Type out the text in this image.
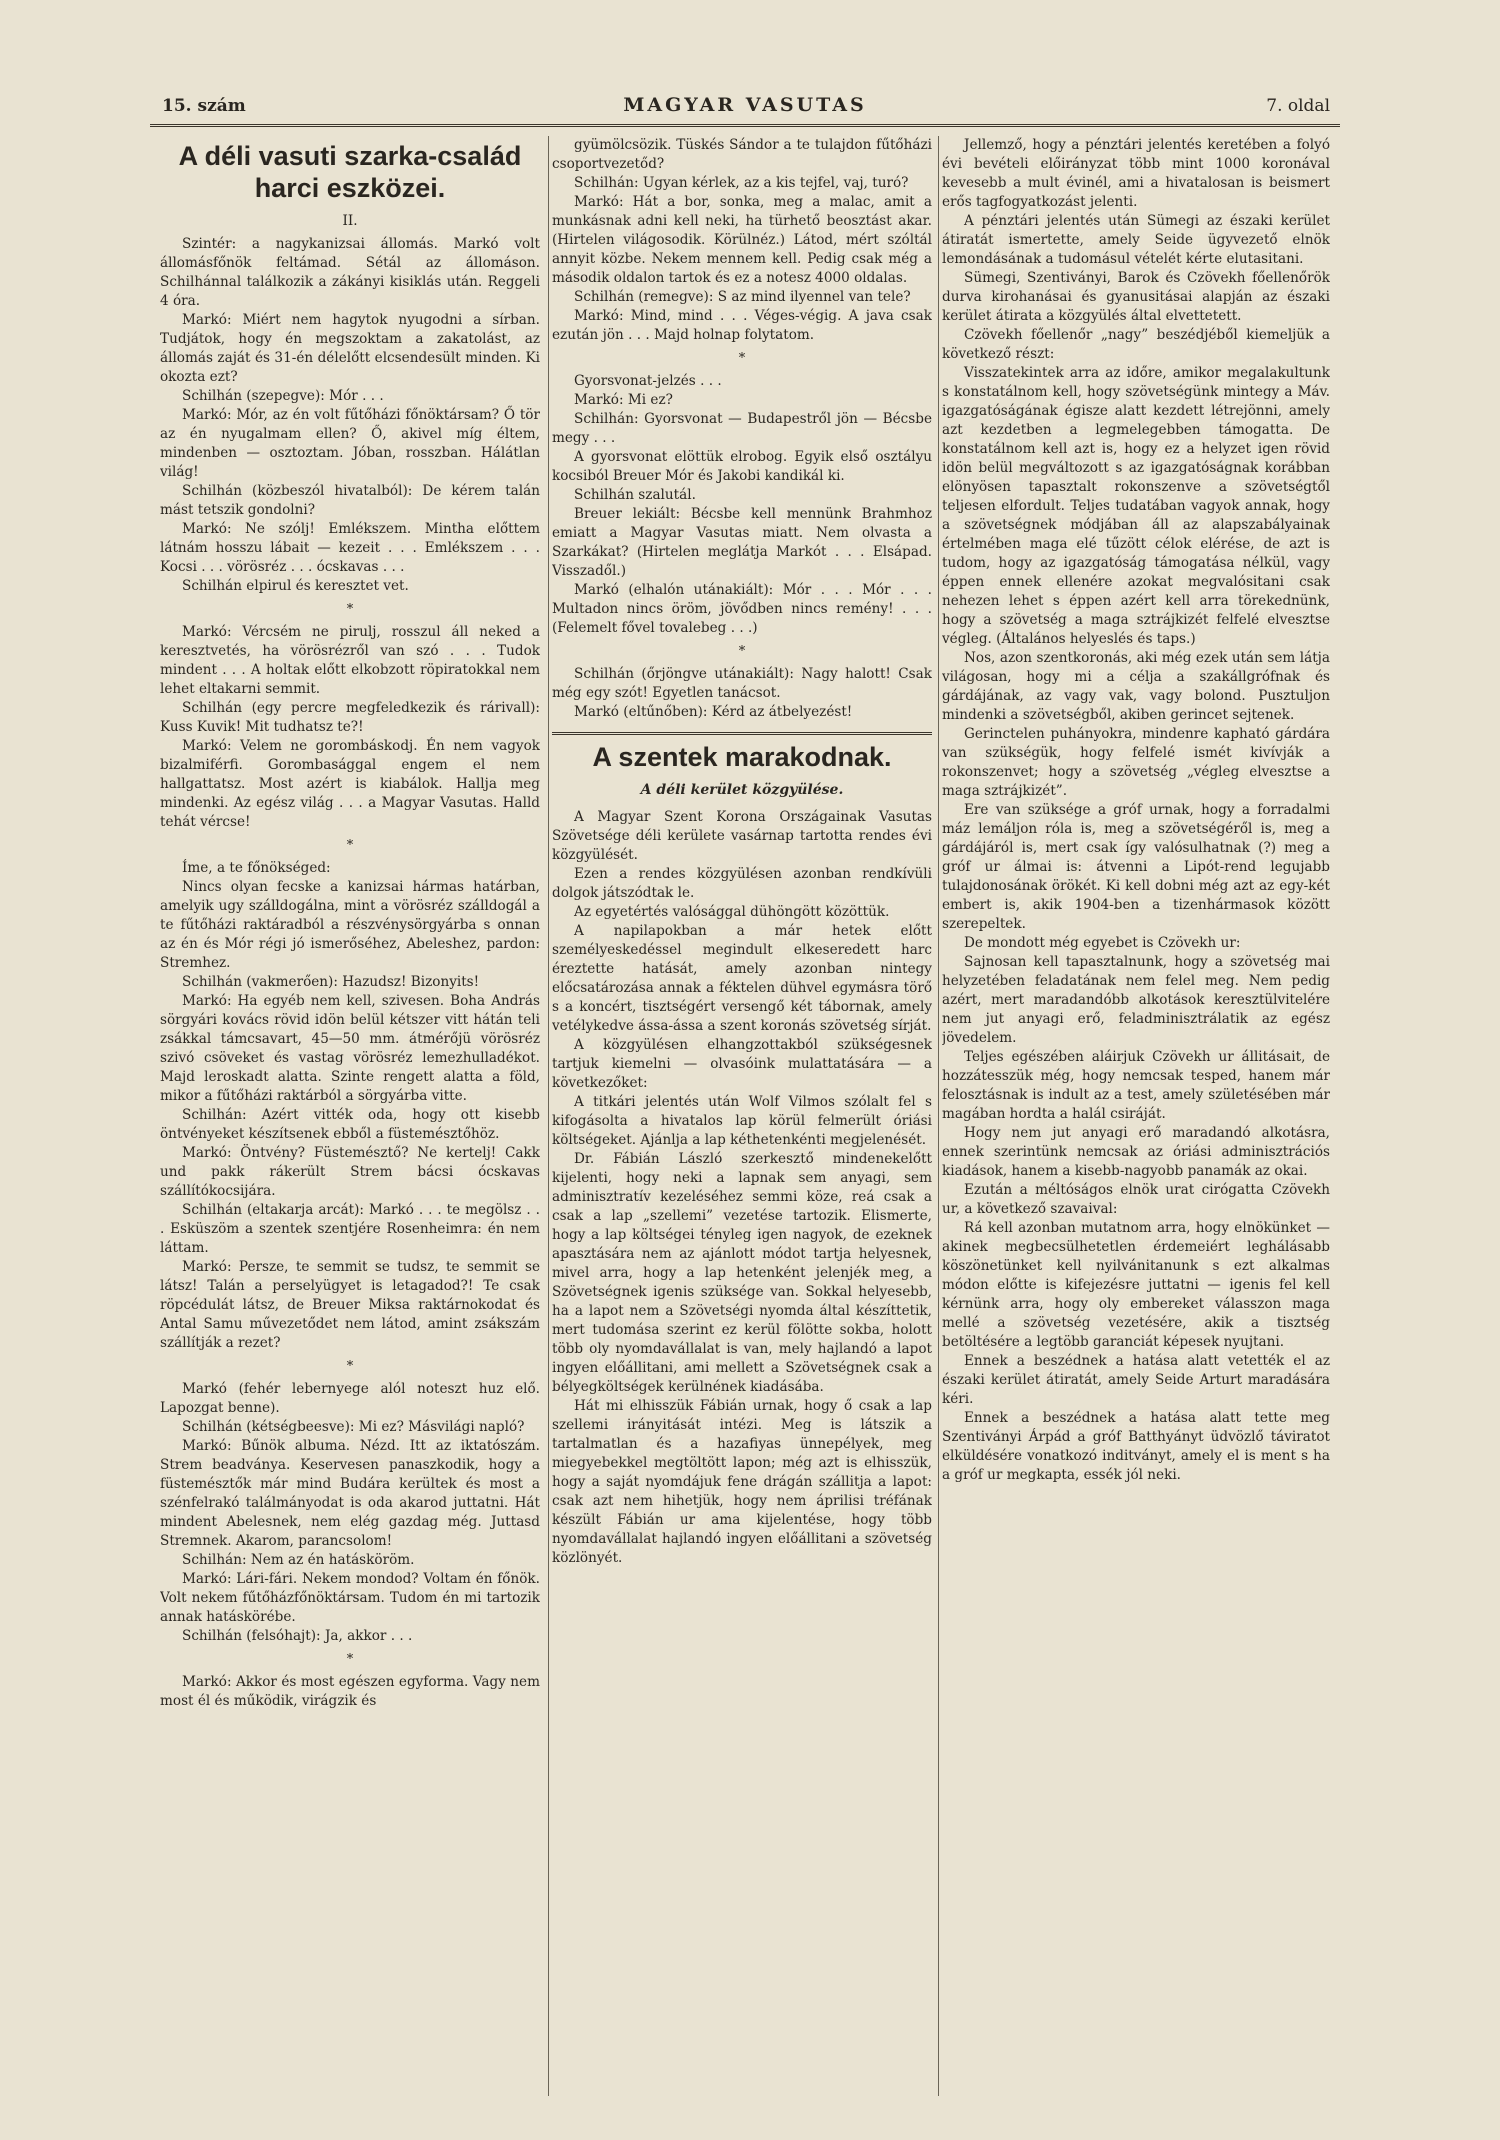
15. szám	MAGYAR VASUTAS	7. oldal
A déli vasuti szarka-család harci eszközei.

II.

Szintér: a nagykanizsai állomás. Markó volt állomásfőnök feltámad. Sétál az állomáson. Schilhánnal találkozik a zákányi kisiklás után. Reggeli 4 óra.

Markó: Miért nem hagytok nyugodni a sírban. Tudjátok, hogy én megszoktam a zakatolást, az állomás zaját és 31-én délelőtt elcsendesült minden. Ki okozta ezt?

Schilhán (szepegve): Mór . . .

Markó: Mór, az én volt fűtőházi főnöktársam? Ő tör az én nyugalmam ellen? Ő, akivel míg éltem, mindenben — osztoztam. Jóban, rosszban. Hálátlan világ!

Schilhán (közbeszól hivatalból): De kérem talán mást tetszik gondolni?

Markó: Ne szólj! Emlékszem. Mintha előttem látnám hosszu lábait — kezeit . . . Emlékszem . . . Kocsi . . . vörösréz . . . ócskavas . . .

Schilhán elpirul és keresztet vet.

*

Markó: Vércsém ne pirulj, rosszul áll neked a keresztvetés, ha vörösrézről van szó . . . Tudok mindent . . . A holtak előtt elkobzott röpiratokkal nem lehet eltakarni semmit.

Schilhán (egy percre megfeledkezik és rárivall): Kuss Kuvik! Mit tudhatsz te?!

Markó: Velem ne gorombáskodj. Én nem vagyok bizalmiférfi. Gorombasággal engem el nem hallgattatsz. Most azért is kiabálok. Hallja meg mindenki. Az egész világ . . . a Magyar Vasutas. Halld tehát vércse!

*

Íme, a te főnökséged:

Nincs olyan fecske a kanizsai hármas határban, amelyik ugy szálldogálna, mint a vörösréz szálldogál a te fűtőházi raktáradból a részvénysörgyárba s onnan az én és Mór régi jó ismerőséhez, Abeleshez, pardon: Stremhez.

Schilhán (vakmerően): Hazudsz! Bizonyits!

Markó: Ha egyéb nem kell, szivesen. Boha András sörgyári kovács rövid idön belül kétszer vitt hátán teli zsákkal támcsavart, 45—50 mm. átmérőjü vörösréz szivó csöveket és vastag vörösréz lemezhulladékot. Majd leroskadt alatta. Szinte rengett alatta a föld, mikor a fűtőházi raktárból a sörgyárba vitte.

Schilhán: Azért vitték oda, hogy ott kisebb öntvényeket készítsenek ebből a füstemésztőhöz.

Markó: Öntvény? Füstemésztő? Ne kertelj! Cakk und pakk rákerült Strem bácsi ócskavas szállítókocsijára.

Schilhán (eltakarja arcát): Markó . . . te megölsz . . . Esküszöm a szentek szentjére Rosenheimra: én nem láttam.

Markó: Persze, te semmit se tudsz, te semmit se látsz! Talán a perselyügyet is letagadod?! Te csak röpcédulát látsz, de Breuer Miksa raktárnokodat és Antal Samu művezetődet nem látod, amint zsákszám szállítják a rezet?

*

Markó (fehér lebernyege alól noteszt huz elő. Lapozgat benne).

Schilhán (kétségbeesve): Mi ez? Másvilági napló?

Markó: Bűnök albuma. Nézd. Itt az iktatószám. Strem beadványa. Keservesen panaszkodik, hogy a füstemésztők már mind Budára kerültek és most a szénfelrakó találmányodat is oda akarod juttatni. Hát mindent Abelesnek, nem elég gazdag még. Juttasd Stremnek. Akarom, parancsolom!

Schilhán: Nem az én hatásköröm.

Markó: Lári-fári. Nekem mondod? Voltam én főnök. Volt nekem fűtőházfőnöktársam. Tudom én mi tartozik annak hatáskörébe.

Schilhán (felsóhajt): Ja, akkor . . .

*

Markó: Akkor és most egészen egyforma. Vagy nem most él és működik, virágzik és

gyümölcsözik. Tüskés Sándor a te tulajdon fűtőházi csoportvezetőd?

Schilhán: Ugyan kérlek, az a kis tejfel, vaj, turó?

Markó: Hát a bor, sonka, meg a malac, amit a munkásnak adni kell neki, ha türhető beosztást akar. (Hirtelen világosodik. Körülnéz.) Látod, mért szóltál annyit közbe. Nekem mennem kell. Pedig csak még a második oldalon tartok és ez a notesz 4000 oldalas.

Schilhán (remegve): S az mind ilyennel van tele?

Markó: Mind, mind . . . Véges-végig. A java csak ezután jön . . . Majd holnap folytatom.

*

Gyorsvonat-jelzés . . .

Markó: Mi ez?

Schilhán: Gyorsvonat — Budapestről jön — Bécsbe megy . . .

A gyorsvonat elöttük elrobog. Egyik első osztályu kocsiból Breuer Mór és Jakobi kandikál ki.

Schilhán szalutál.

Breuer lekiált: Bécsbe kell mennünk Brahmhoz emiatt a Magyar Vasutas miatt. Nem olvasta a Szarkákat? (Hirtelen meglátja Markót . . . Elsápad. Visszadől.)

Markó (elhalón utánakiált): Mór . . . Mór . . . Multadon nincs öröm, jövődben nincs remény! . . . (Felemelt fővel tovalebeg . . .)

*

Schilhán (őrjöngve utánakiált): Nagy halott! Csak még egy szót! Egyetlen tanácsot.

Markó (eltűnőben): Kérd az átbelyezést!

A szentek marakodnak.

A déli kerület közgyülése.

A Magyar Szent Korona Országainak Vasutas Szövetsége déli kerülete vasárnap tartotta rendes évi közgyülését.

Ezen a rendes közgyülésen azonban rendkívüli dolgok játszódtak le.

Az egyetértés valósággal dühöngött közöttük.

A napilapokban a már hetek előtt személyeskedéssel megindult elkeseredett harc éreztette hatását, amely azonban nintegy előcsatározása annak a féktelen dühvel egymásra törő s a koncért, tisztségért versengő két tábornak, amely vetélykedve ássa-ássa a szent koronás szövetség sírját.

A közgyülésen elhangzottakból szükségesnek tartjuk kiemelni — olvasóink mulattatására — a következőket:

A titkári jelentés után Wolf Vilmos szólalt fel s kifogásolta a hivatalos lap körül felmerült óriási költségeket. Ajánlja a lap kéthetenkénti megjelenését.

Dr. Fábián László szerkesztő mindenekelőtt kijelenti, hogy neki a lapnak sem anyagi, sem adminisztratív kezeléséhez semmi köze, reá csak a csak a lap „szellemi” vezetése tartozik. Elismerte, hogy a lap költségei tényleg igen nagyok, de ezeknek apasztására nem az ajánlott módot tartja helyesnek, mivel arra, hogy a lap hetenként jelenjék meg, a Szövetségnek igenis szüksége van. Sokkal helyesebb, ha a lapot nem a Szövetségi nyomda által készíttetik, mert tudomása szerint ez kerül fölötte sokba, holott több oly nyomdavállalat is van, mely hajlandó a lapot ingyen előállitani, ami mellett a Szövetségnek csak a bélyegköltségek kerülnének kiadásába.

Hát mi elhisszük Fábián urnak, hogy ő csak a lap szellemi irányitását intézi. Meg is látszik a tartalmatlan és a hazafiyas ünnepélyek, meg miegyebekkel megtöltött lapon; még azt is elhisszük, hogy a saját nyomdájuk fene drágán szállitja a lapot: csak azt nem hihetjük, hogy nem áprilisi tréfának készült Fábián ur ama kijelentése, hogy több nyomdavállalat hajlandó ingyen előállitani a szövetség közlönyét.

Jellemző, hogy a pénztári jelentés keretében a folyó évi bevételi előirányzat több mint 1000 koronával kevesebb a mult évinél, ami a hivatalosan is beismert erős tagfogyatkozást jelenti.

A pénztári jelentés után Sümegi az északi kerület átiratát ismertette, amely Seide ügyvezető elnök lemondásának a tudomásul vételét kérte elutasitani.

Sümegi, Szentiványi, Barok és Czövekh főellenőrök durva kirohanásai és gyanusitásai alapján az északi kerület átirata a közgyülés által elvettetett.

Czövekh főellenőr „nagy” beszédjéből kiemeljük a következő részt:

Visszatekintek arra az időre, amikor megalakultunk s konstatálnom kell, hogy szövetségünk mintegy a Máv. igazgatóságának égisze alatt kezdett létrejönni, amely azt kezdetben a legmelegebben támogatta. De konstatálnom kell azt is, hogy ez a helyzet igen rövid idön belül megváltozott s az igazgatóságnak korábban elönyösen tapasztalt rokonszenve a szövetségtől teljesen elfordult. Teljes tudatában vagyok annak, hogy a szövetségnek módjában áll az alapszabályainak értelmében maga elé tűzött célok elérése, de azt is tudom, hogy az igazgatóság támogatása nélkül, vagy éppen ennek ellenére azokat megvalósitani csak nehezen lehet s éppen azért kell arra törekednünk, hogy a szövetség a maga sztrájkizét felfelé elvesztse végleg. (Általános helyeslés és taps.)

Nos, azon szentkoronás, aki még ezek után sem látja világosan, hogy mi a célja a szakállgrófnak és gárdájának, az vagy vak, vagy bolond. Pusztuljon mindenki a szövetségből, akiben gerincet sejtenek.

Gerinctelen puhányokra, mindenre kapható gárdára van szükségük, hogy felfelé ismét kivívják a rokonszenvet; hogy a szövetség „végleg elvesztse a maga sztrájkizét”.

Ere van szüksége a gróf urnak, hogy a forradalmi máz lemáljon róla is, meg a szövetségéről is, meg a gárdájáról is, mert csak így valósulhatnak (?) meg a gróf ur álmai is: átvenni a Lipót-rend legujabb tulajdonosának örökét. Ki kell dobni még azt az egy-két embert is, akik 1904-ben a tizenhármasok között szerepeltek.

De mondott még egyebet is Czövekh ur:

Sajnosan kell tapasztalnunk, hogy a szövetség mai helyzetében feladatának nem felel meg. Nem pedig azért, mert maradandóbb alkotások keresztülvitelére nem jut anyagi erő, feladminisztrálatik az egész jövedelem.

Teljes egészében aláirjuk Czövekh ur állitásait, de hozzátesszük még, hogy nemcsak tesped, hanem már felosztásnak is indult az a test, amely születésében már magában hordta a halál csiráját.

Hogy nem jut anyagi erő maradandó alkotásra, ennek szerintünk nemcsak az óriási adminisztrációs kiadások, hanem a kisebb-nagyobb panamák az okai.

Ezután a méltóságos elnök urat cirógatta Czövekh ur, a következő szavaival:

Rá kell azonban mutatnom arra, hogy elnökünket — akinek megbecsülhetetlen érdemeiért leghálásabb köszönetünket kell nyilvánitanunk s ezt alkalmas módon előtte is kifejezésre juttatni — igenis fel kell kérnünk arra, hogy oly embereket válasszon maga mellé a szövetség vezetésére, akik a tisztség betöltésére a legtöbb garanciát képesek nyujtani.

Ennek a beszédnek a hatása alatt vetették el az északi kerület átiratát, amely Seide Arturt maradására kéri.

Ennek a beszédnek a hatása alatt tette meg Szentiványi Árpád a gróf Batthyányt üdvözlő táviratot elküldésére vonatkozó inditványt, amely el is ment s ha a gróf ur megkapta, essék jól neki.
